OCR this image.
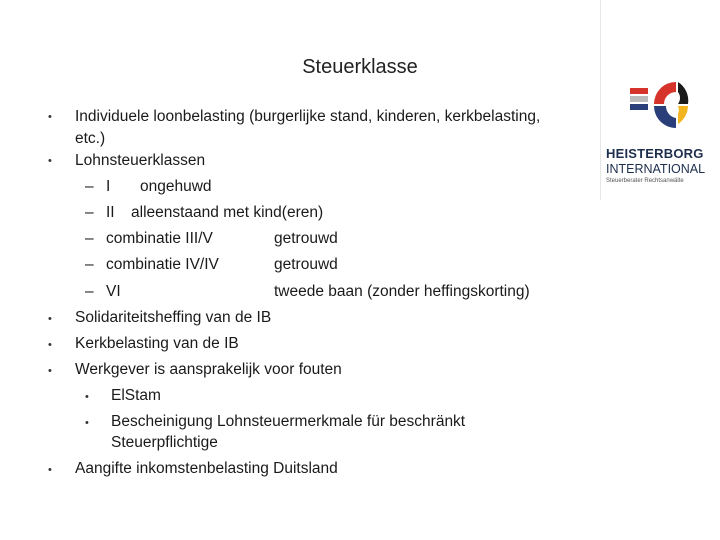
Steuerklasse
• Individuele loonbelasting (burgerlijke stand, kinderen, kerkbelasting,
etc.)
• Lohnsteuerklassen
– I ongehuwd
– II alleenstaand met kind(eren)
– combinatie III/V	getrouwd
– combinatie IV/IV	getrouwd
– VI	tweede baan (zonder heffingskorting)
• Solidariteitsheffing van de IB
• Kerkbelasting van de IB
• Werkgever is aansprakelijk voor fouten
• ElStam
• Bescheinigung Lohnsteuermerkmale für beschränkt
Steuerpflichtige
• Aangifte inkomstenbelasting Duitsland
HEISTERBORG
INTERNATIONAL
Steuerberater Rechtsanwälte
